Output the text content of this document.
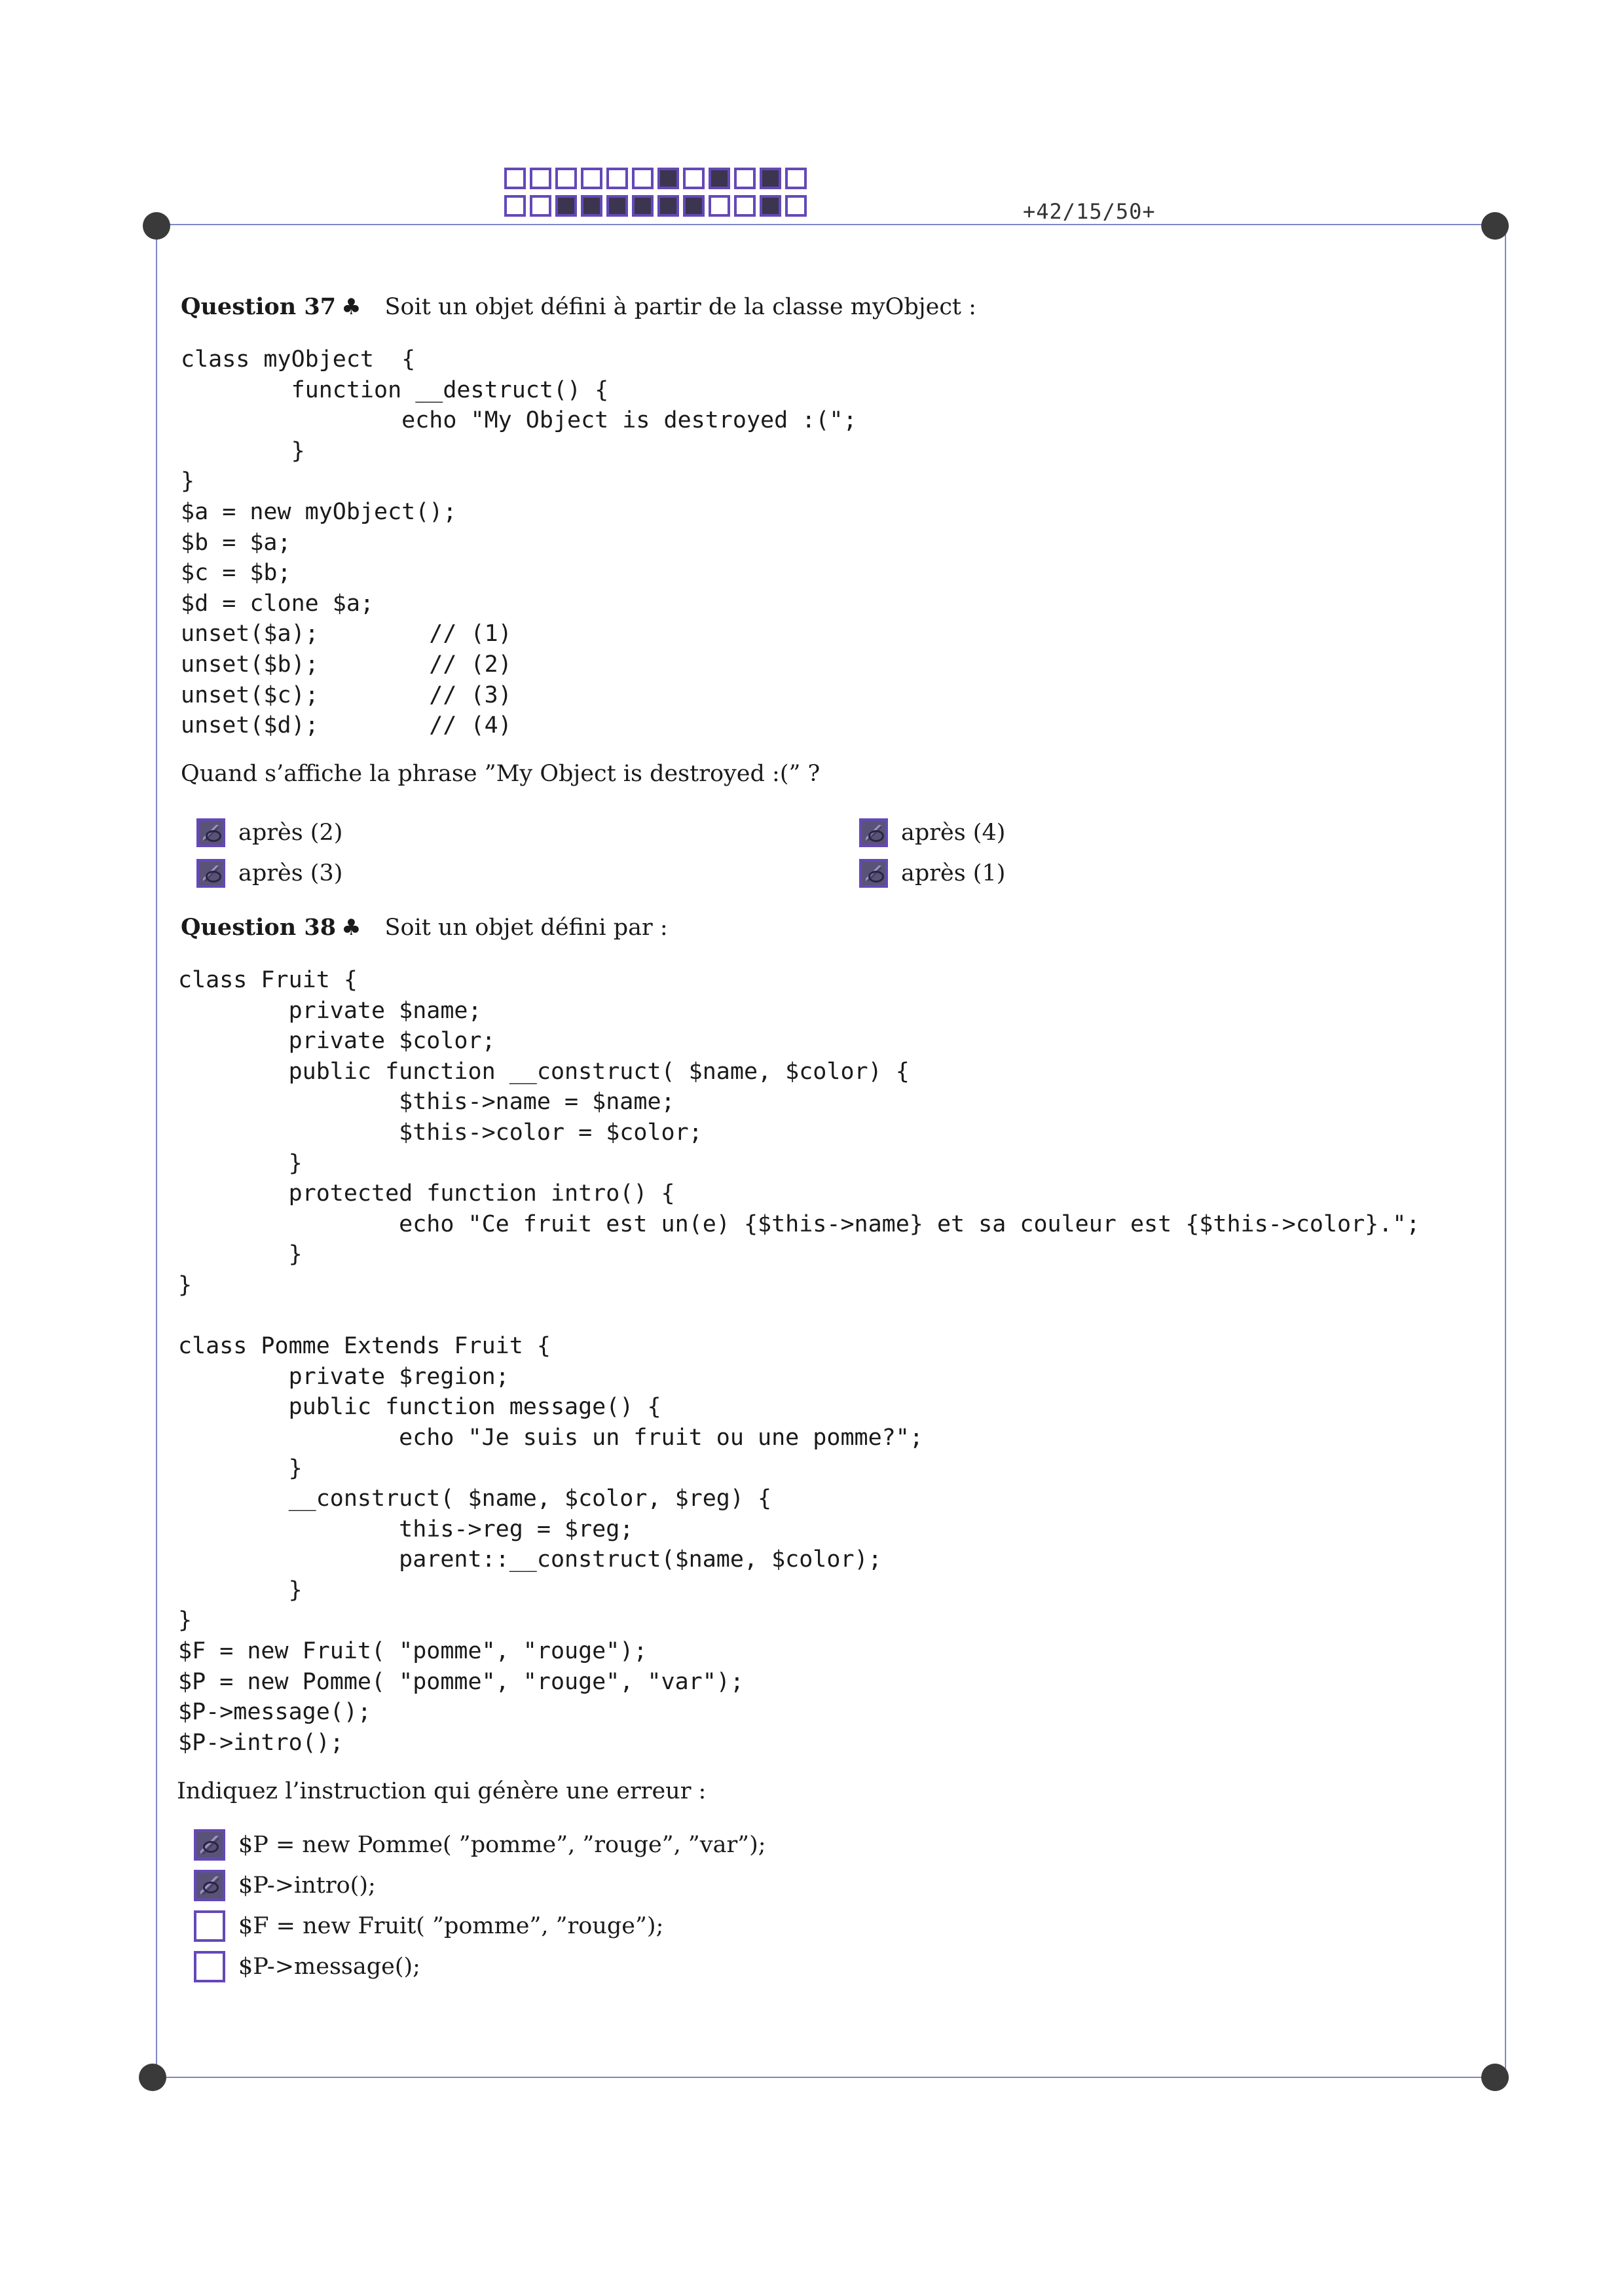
+42/15/50+
Question 37 ♣ Soit un objet défini à partir de la classe myObject :
class myObject  {
function __destruct() {
echo "My Object is destroyed :(";
}
}
$a = new myObject();
$b = $a;
$c = $b;
$d = clone $a;
unset($a);        // (1)
unset($b);        // (2)
unset($c);        // (3)
unset($d);        // (4)
Quand s’affiche la phrase ”My Object is destroyed :(” ?
après (2)	après (4)
après (3)	après (1)
Question 38 ♣ Soit un objet défini par :
class Fruit {
private $name;
private $color;
public function __construct( $name, $color) {
$this->name = $name;
$this->color = $color;
}
protected function intro() {
echo "Ce fruit est un(e) {$this->name} et sa couleur est {$this->color}.";
}
}

class Pomme Extends Fruit {
private $region;
public function message() {
echo "Je suis un fruit ou une pomme?";
}
__construct( $name, $color, $reg) {
this->reg = $reg;
parent::__construct($name, $color);
}
}
$F = new Fruit( "pomme", "rouge");
$P = new Pomme( "pomme", "rouge", "var");
$P->message();
$P->intro();
Indiquez l’instruction qui génère une erreur :
$P = new Pomme( ”pomme”, ”rouge”, ”var”);
$P->intro();
$F = new Fruit( ”pomme”, ”rouge”);
$P->message();
